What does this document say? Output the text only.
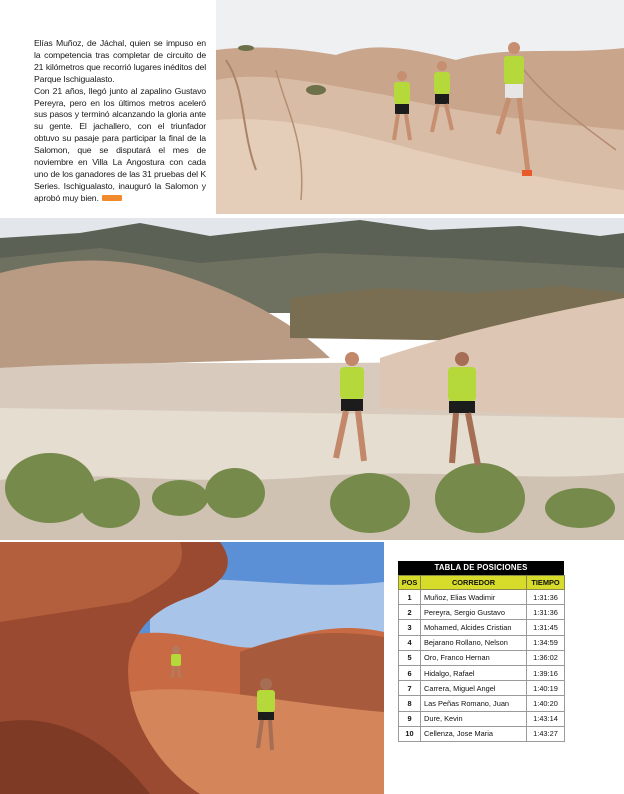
Elías Muñoz, de Jáchal, quien se impuso en la competencia tras completar de circuito de 21 kilómetros que recorrió lugares inéditos del Parque Ischigualasto.

Con 21 años, llegó junto al zapalino Gustavo Pereyra, pero en los últimos metros aceleró sus pasos y terminó alcanzando la gloria ante su gente. El jachallero, con el triunfador obtuvo su pasaje para participar la final de la Salomon, que se disputará el mes de noviembre en Villa La Angostura con cada uno de los ganadores de las 31 pruebas del K Series. Ischigualasto, inauguró la Salomon y aprobó muy bien.

TABLA DE POSICIONES
POS	CORREDOR	TIEMPO
1	Muñoz, Elias Wadimir	1:31:36
2	Pereyra, Sergio Gustavo	1:31:36
3	Mohamed, Alcides Cristian	1:31:45
4	Bejarano Rollano, Nelson	1:34:59
5	Oro, Franco Hernan	1:36:02
6	Hidalgo, Rafael	1:39:16
7	Carrera, Miguel Angel	1:40:19
8	Las Peñas Romano, Juan	1:40:20
9	Dure, Kevin	1:43:14
10	Cellenza, Jose Maria	1:43:27
